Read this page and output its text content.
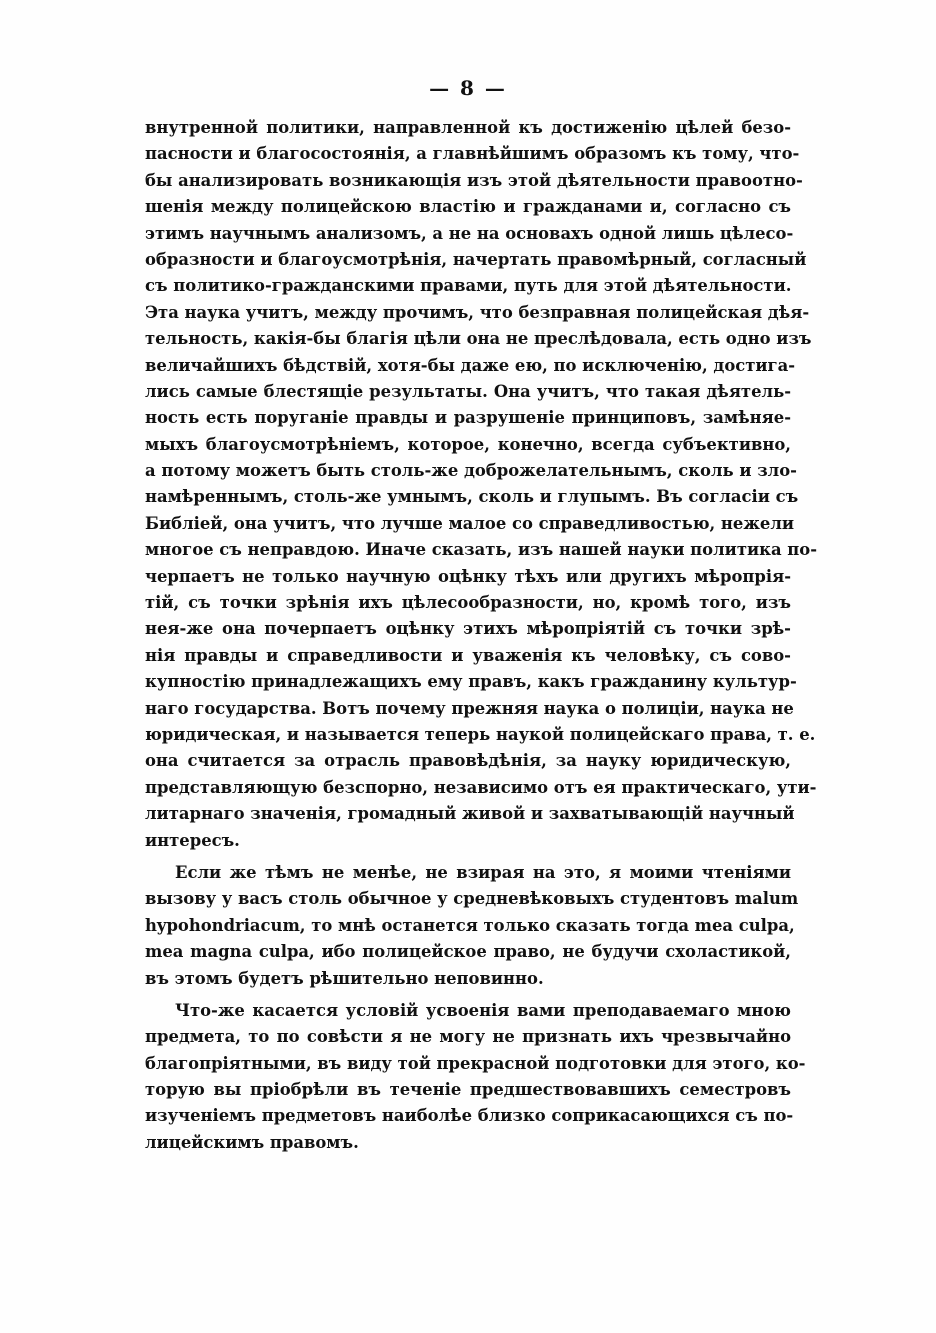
— 8 —
внутренной политики, направленной къ достиженію цѣлей безо-
пасности и благосостоянія, а главнѣйшимъ образомъ къ тому, что-
бы анализировать возникающія изъ этой дѣятельности правоотно-
шенія между полицейскою властію и гражданами и, согласно съ
этимъ научнымъ анализомъ, а не на основахъ одной лишь цѣлесо-
образности и благоусмотрѣнія, начертать правомѣрный, согласный
съ политико-гражданскими правами, путь для этой дѣятельности.
Эта наука учитъ, между прочимъ, что безправная полицейская дѣя-
тельность, какія-бы благія цѣли она не преслѣдовала, есть одно изъ
величайшихъ бѣдствій, хотя-бы даже ею, по исключенію, достига-
лись самые блестящіе результаты. Она учитъ, что такая дѣятель-
ность есть поруганіе правды и разрушеніе принциповъ, замѣняе-
мыхъ благоусмотрѣніемъ, которое, конечно, всегда субъективно,
а потому можетъ быть столь-же доброжелательнымъ, сколь и зло-
намѣреннымъ, столь-же умнымъ, сколь и глупымъ. Въ согласіи съ
Библіей, она учитъ, что лучше малое со справедливостью, нежели
многое съ неправдою. Иначе сказать, изъ нашей науки политика по-
черпаетъ не только научную оцѣнку тѣхъ или другихъ мѣропрія-
тій, съ точки зрѣнія ихъ цѣлесообразности, но, кромѣ того, изъ
нея-же она почерпаетъ оцѣнку этихъ мѣропріятій съ точки зрѣ-
нія правды и справедливости и уваженія къ человѣку, съ сово-
купностію принадлежащихъ ему правъ, какъ гражданину культур-
наго государства. Вотъ почему прежняя наука о полиціи, наука не
юридическая, и называется теперь наукой полицейскаго права, т. е.
она считается за отрасль правовѣдѣнія, за науку юридическую,
представляющую безспорно, независимо отъ ея практическаго, ути-
литарнаго значенія, громадный живой и захватывающій научный
интересъ.
Если же тѣмъ не менѣе, не взирая на это, я моими чтеніями
вызову у васъ столь обычное у средневѣковыхъ студентовъ malum
hypohondriacum, то мнѣ останется только сказать тогда mea culpa,
mea magna culpa, ибо полицейское право, не будучи схоластикой,
въ этомъ будетъ рѣшительно неповинно.
Что-же касается условій усвоенія вами преподаваемаго мною
предмета, то по совѣсти я не могу не признать ихъ чрезвычайно
благопріятными, въ виду той прекрасной подготовки для этого, ко-
торую вы пріобрѣли въ теченіе предшествовавшихъ семестровъ
изученіемъ предметовъ наиболѣе близко соприкасающихся съ по-
лицейскимъ правомъ.
